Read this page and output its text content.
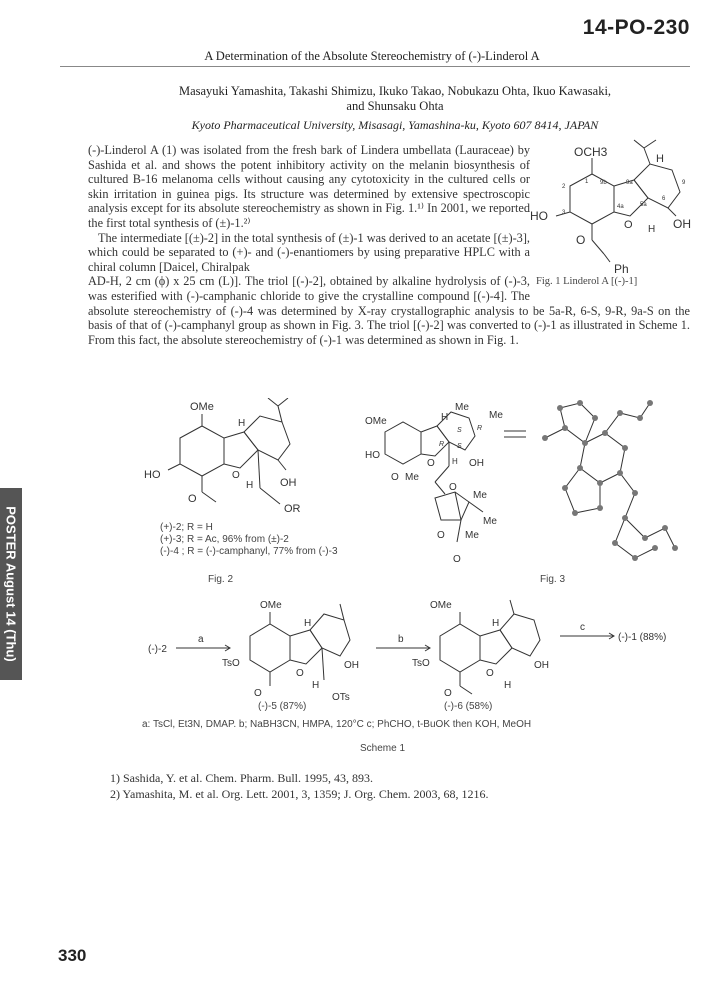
14-PO-230
A Determination of the Absolute Stereochemistry of (-)-Linderol A
Masayuki Yamashita, Takashi Shimizu, Ikuko Takao, Nobukazu Ohta, Ikuo Kawasaki,
and Shunsaku Ohta
Kyoto Pharmaceutical University, Misasagi, Yamashina-ku, Kyoto 607 8414, JAPAN

(-)-Linderol A (1) was isolated from the fresh bark of Lindera umbellata (Lauraceae) by Sashida et al. and shows the potent inhibitory activity on the melanin biosynthesis of cultured B-16 melanoma cells without causing any cytotoxicity in the cultured cells or skin irritation in guinea pigs. Its structure was determined by extensive spectroscopic analysis except for its absolute stereochemistry as shown in Fig. 1.¹⁾ In 2001, we reported the first total synthesis of (±)-1.²⁾

The intermediate [(±)-2] in the total synthesis of (±)-1 was derived to an acetate [(±)-3], which could be separated to (+)- and (-)-enantiomers by using preparative HPLC with a chiral column [Daicel, Chiralpak

AD-H, 2 cm (ϕ) x 25 cm (L)]. The triol [(-)-2], obtained by alkaline hydrolysis of (-)-3, was esterified with (-)-camphanic chloride to give the crystalline compound [(-)-4]. The absolute stereochemistry of (-)-4 was determined by X-ray crystallographic analysis to be 5a-R, 6-S, 9-R, 9a-S on the basis of that of (-)-camphanyl group as shown in Fig. 3. The triol [(-)-2] was converted to (-)-1 as illustrated in Scheme 1. From this fact, the absolute stereochemistry of (-)-1 was determined as shown in Fig. 1.

OCH3	H
HO
OH
O H
O
Ph
1
2
3
4a	5a
6
9
9a
9b
Fig. 1 Linderol A [(-)-1]
OMe
H
HO
OH
O
H
O
OR
(+)-2; R = H
(+)-3; R = Ac, 96% from (±)-2
(-)-4 ; R = (-)-camphanyl, 77% from (-)-3
Fig. 2
OMe
Me
Me
H
HO
OH
O H
S R
R S
O Me
O
Me
Me
O Me
O
Fig. 3
(-)-2
a
OMe
H
TsO
O
OH
H
O	OTs
b
OMe
H
TsO
O
OH
H
O
c
(-)-1 (88%)
(-)-5 (87%)	(-)-6 (58%)
a: TsCl, Et3N, DMAP. b; NaBH3CN, HMPA, 120°C c; PhCHO, t-BuOK then KOH, MeOH
Scheme 1
1) Sashida, Y. et al. Chem. Pharm. Bull. 1995, 43, 893.
2) Yamashita, M. et al. Org. Lett. 2001, 3, 1359; J. Org. Chem. 2003, 68, 1216.
POSTER August 14 (Thu)
330
